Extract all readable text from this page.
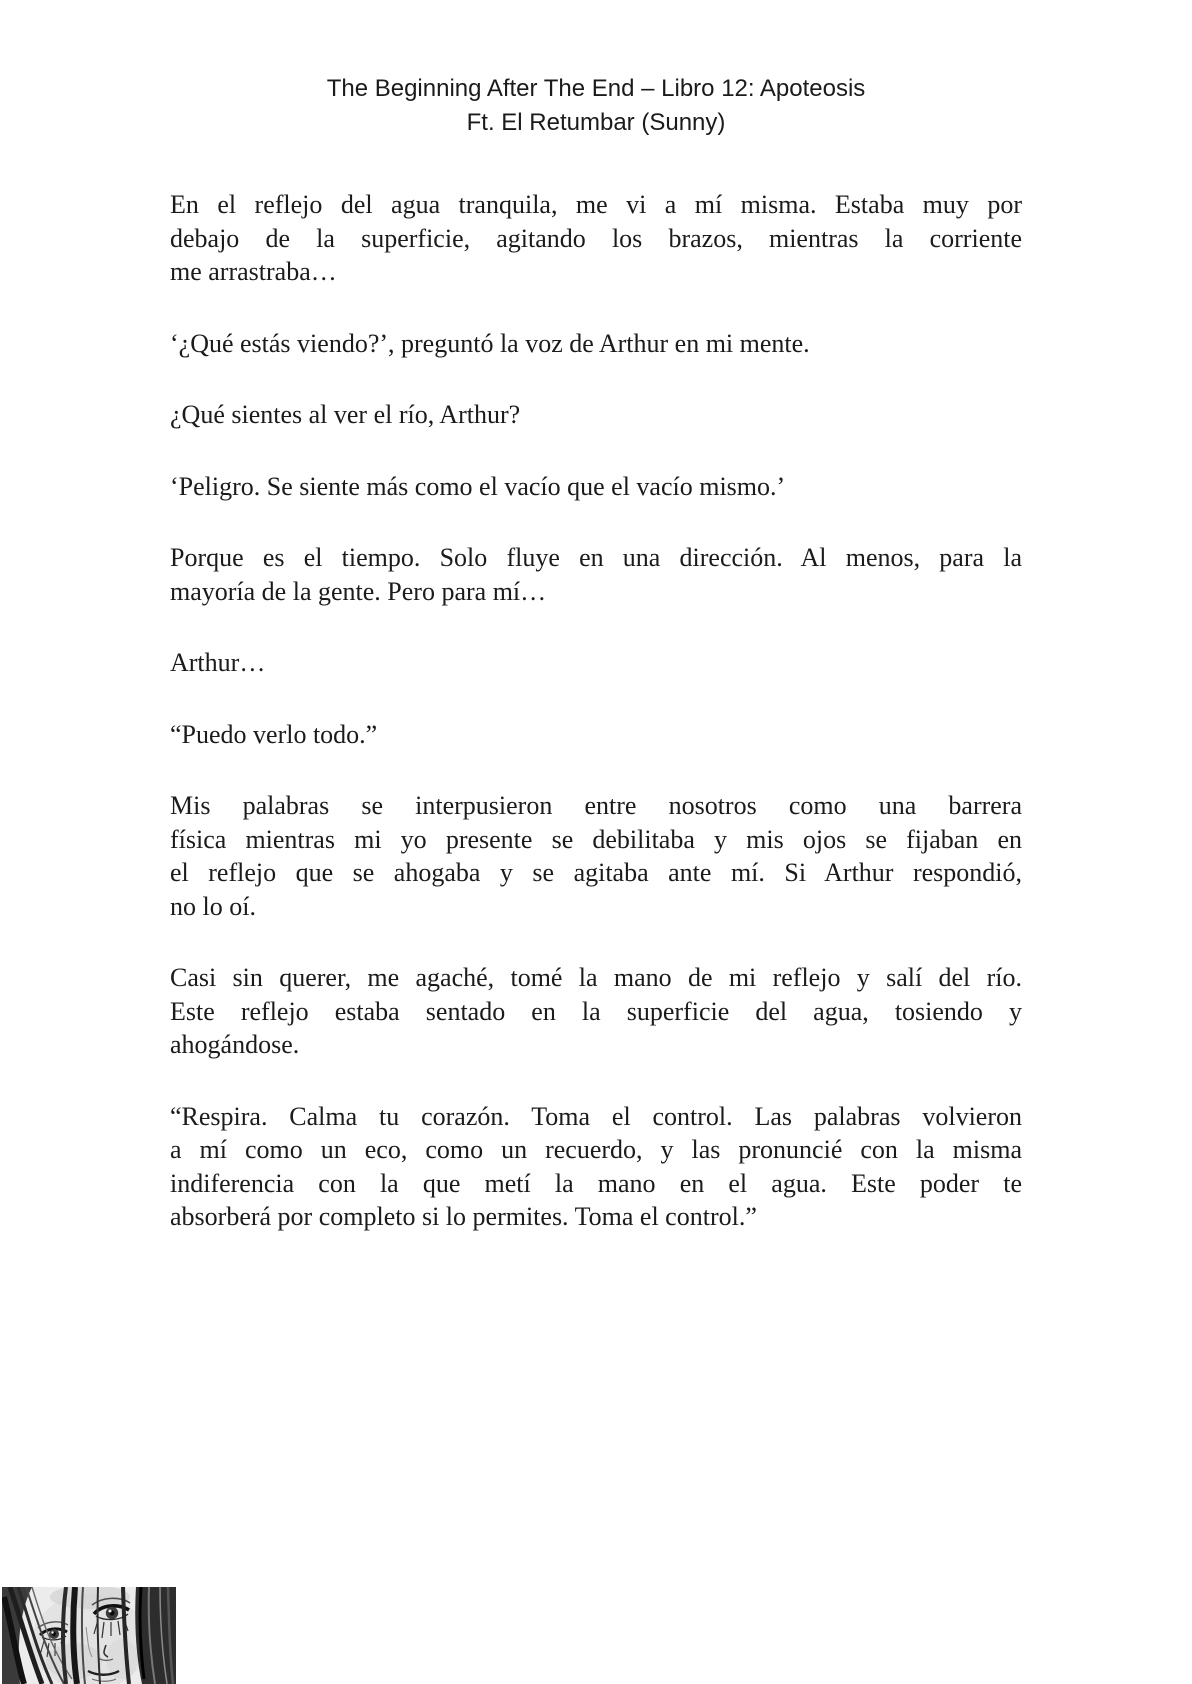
The Beginning After The End – Libro 12: Apoteosis
Ft. El Retumbar (Sunny)

En el reflejo del agua tranquila, me vi a mí misma. Estaba muy por
debajo de la superficie, agitando los brazos, mientras la corriente
me arrastraba…

‘¿Qué estás viendo?’, preguntó la voz de Arthur en mi mente.

¿Qué sientes al ver el río, Arthur?

‘Peligro. Se siente más como el vacío que el vacío mismo.’

Porque es el tiempo. Solo fluye en una dirección. Al menos, para la
mayoría de la gente. Pero para mí…

Arthur…

“Puedo verlo todo.”

Mis palabras se interpusieron entre nosotros como una barrera
física mientras mi yo presente se debilitaba y mis ojos se fijaban en
el reflejo que se ahogaba y se agitaba ante mí. Si Arthur respondió,
no lo oí.

Casi sin querer, me agaché, tomé la mano de mi reflejo y salí del río.
Este reflejo estaba sentado en la superficie del agua, tosiendo y
ahogándose.

“Respira. Calma tu corazón. Toma el control. Las palabras volvieron
a mí como un eco, como un recuerdo, y las pronuncié con la misma
indiferencia con la que metí la mano en el agua. Este poder te
absorberá por completo si lo permites. Toma el control.”
